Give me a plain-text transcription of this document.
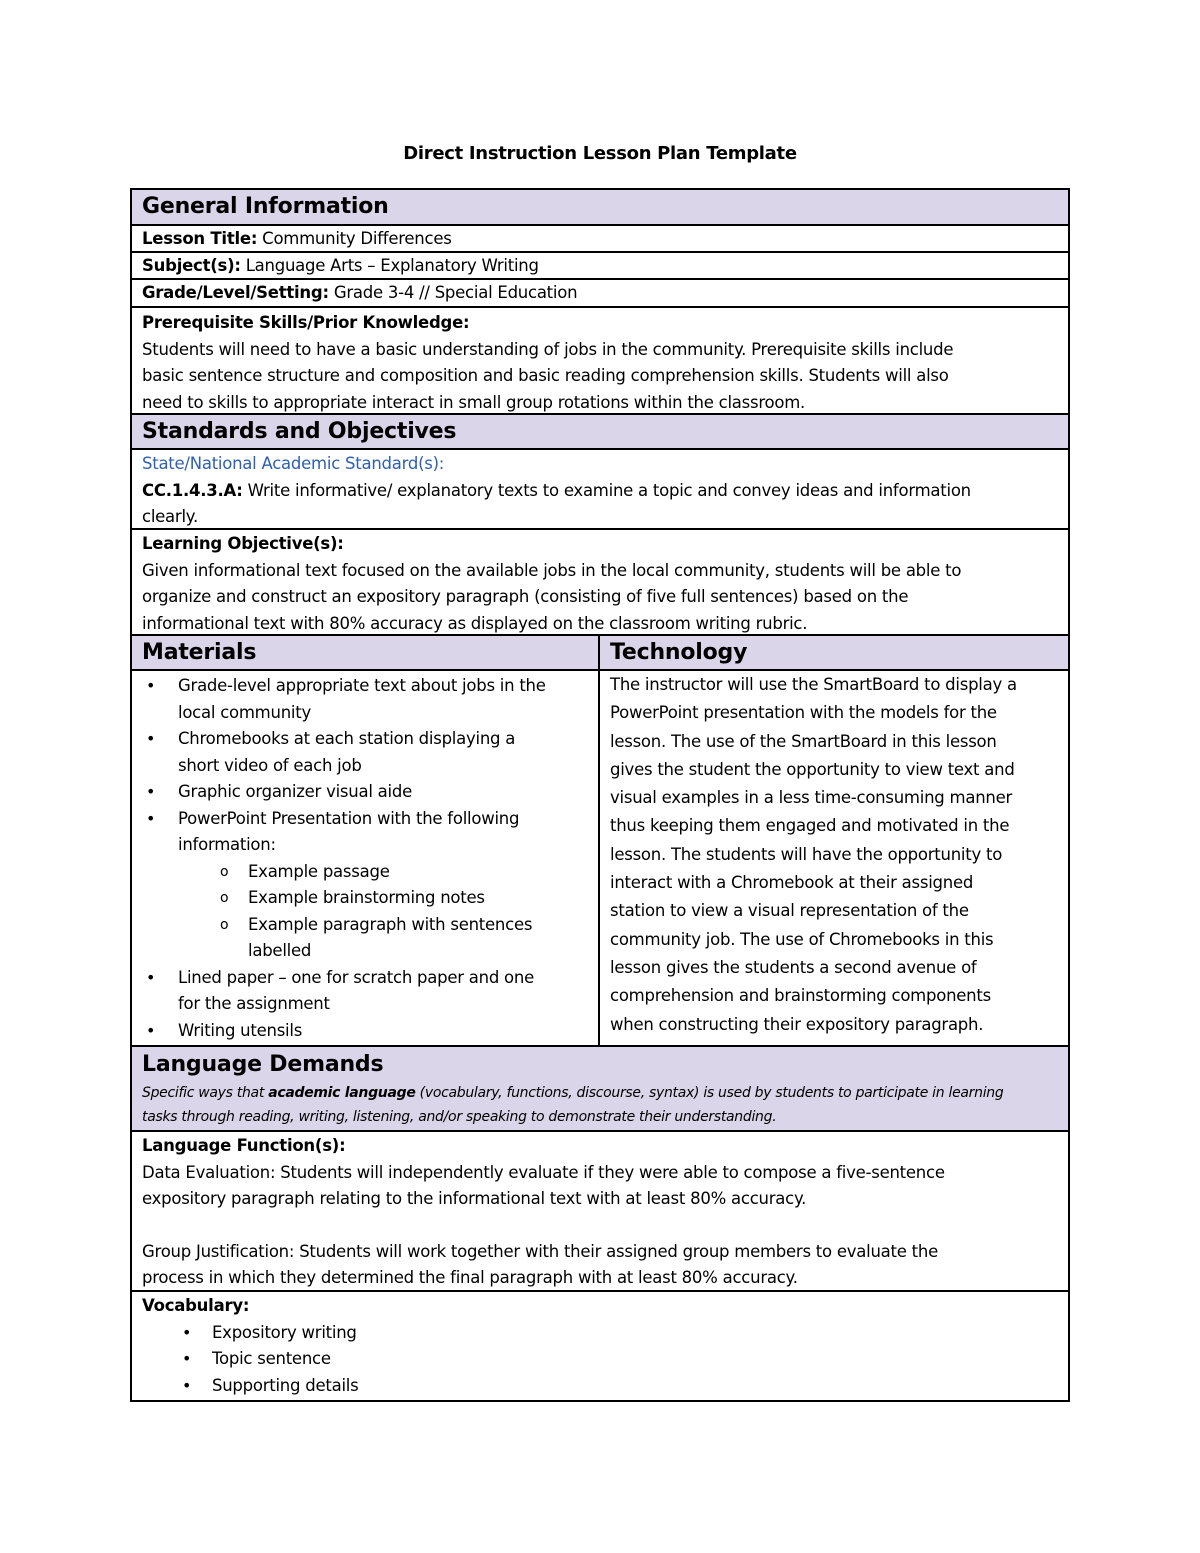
Direct Instruction Lesson Plan Template
General Information
Lesson Title: Community Differences
Subject(s): Language Arts – Explanatory Writing
Grade/Level/Setting: Grade 3-4 // Special Education
Prerequisite Skills/Prior Knowledge:
Students will need to have a basic understanding of jobs in the community. Prerequisite skills include
basic sentence structure and composition and basic reading comprehension skills. Students will also
need to skills to appropriate interact in small group rotations within the classroom.
Standards and Objectives
State/National Academic Standard(s):
CC.1.4.3.A: Write informative/ explanatory texts to examine a topic and convey ideas and information
clearly.
Learning Objective(s):
Given informational text focused on the available jobs in the local community, students will be able to
organize and construct an expository paragraph (consisting of five full sentences) based on the
informational text with 80% accuracy as displayed on the classroom writing rubric.
Materials	Technology
• Grade-level appropriate text about jobs in the
local community
• Chromebooks at each station displaying a
short video of each job
• Graphic organizer visual aide
• PowerPoint Presentation with the following
information:
o Example passage
o Example brainstorming notes
o Example paragraph with sentences
labelled
• Lined paper – one for scratch paper and one
for the assignment
• Writing utensils
The instructor will use the SmartBoard to display a
PowerPoint presentation with the models for the
lesson. The use of the SmartBoard in this lesson
gives the student the opportunity to view text and
visual examples in a less time-consuming manner
thus keeping them engaged and motivated in the
lesson. The students will have the opportunity to
interact with a Chromebook at their assigned
station to view a visual representation of the
community job. The use of Chromebooks in this
lesson gives the students a second avenue of
comprehension and brainstorming components
when constructing their expository paragraph.
Language Demands
Specific ways that academic language (vocabulary, functions, discourse, syntax) is used by students to participate in learning
tasks through reading, writing, listening, and/or speaking to demonstrate their understanding.
Language Function(s):
Data Evaluation: Students will independently evaluate if they were able to compose a five-sentence
expository paragraph relating to the informational text with at least 80% accuracy.
Group Justification: Students will work together with their assigned group members to evaluate the
process in which they determined the final paragraph with at least 80% accuracy.
Vocabulary:
• Expository writing
• Topic sentence
• Supporting details
